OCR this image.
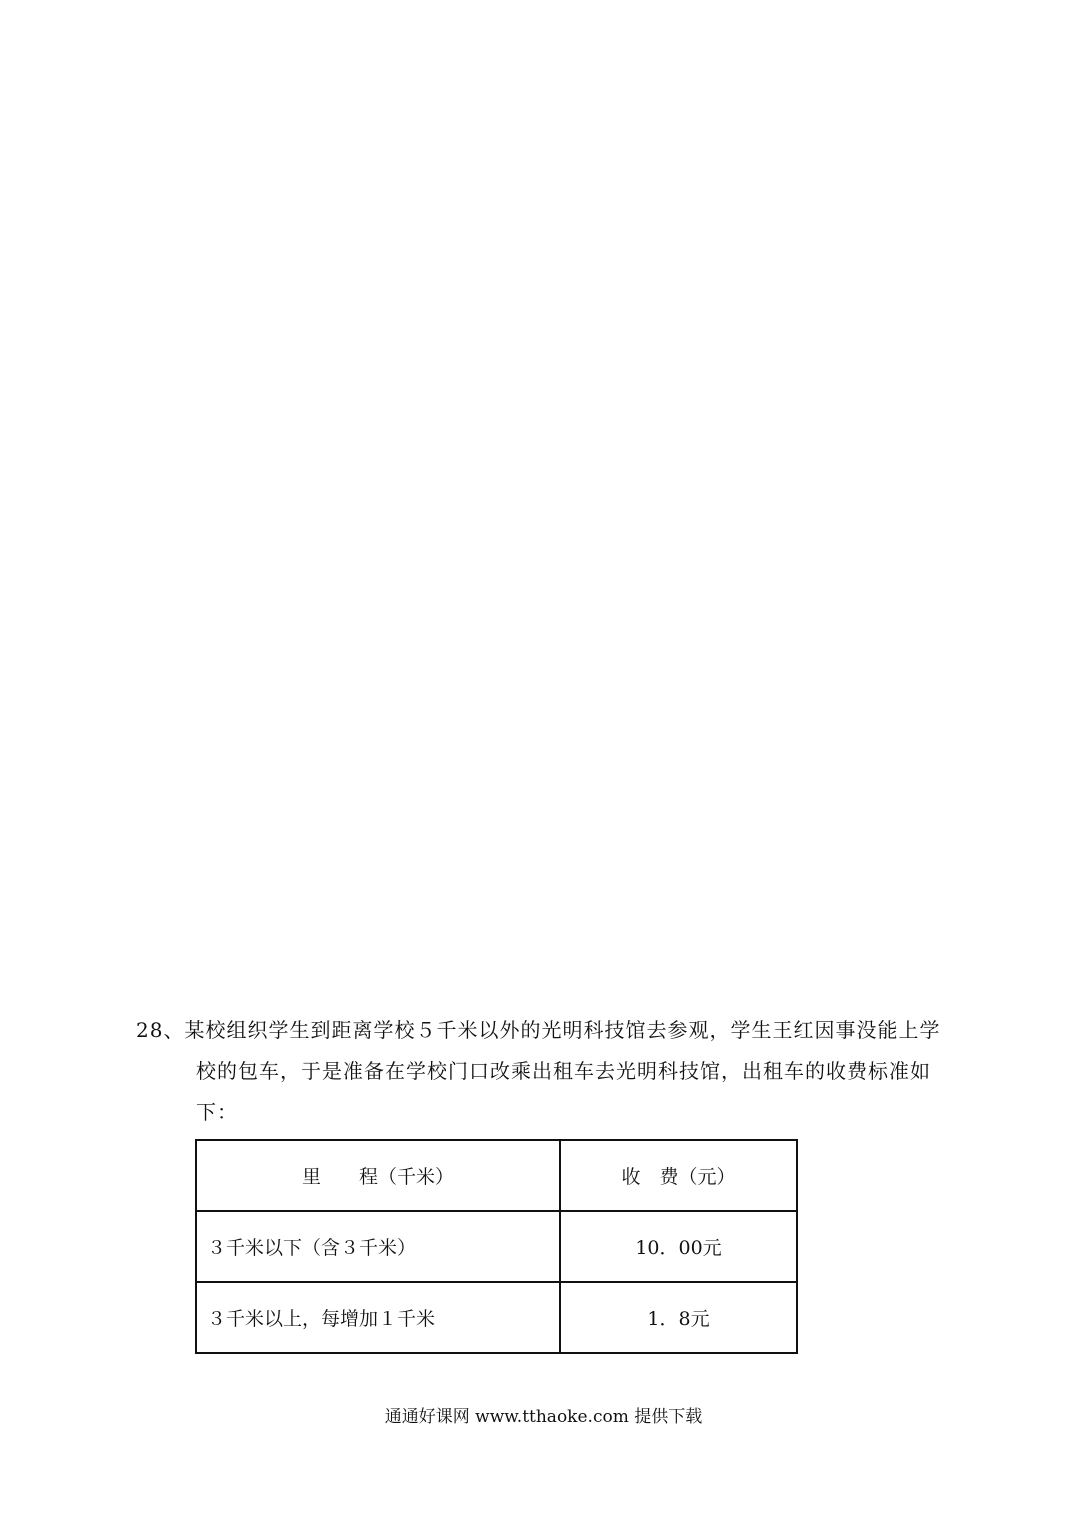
28、某校组织学生到距离学校５千米以外的光明科技馆去参观，学生王红因事没能上学
校的包车，于是准备在学校门口改乘出租车去光明科技馆，出租车的收费标准如
下：
里　　程（千米）	收　费（元）
３千米以下（含３千米）	10．00元
３千米以上，每增加１千米	1．8元
通通好课网 www.tthaoke.com 提供下载
